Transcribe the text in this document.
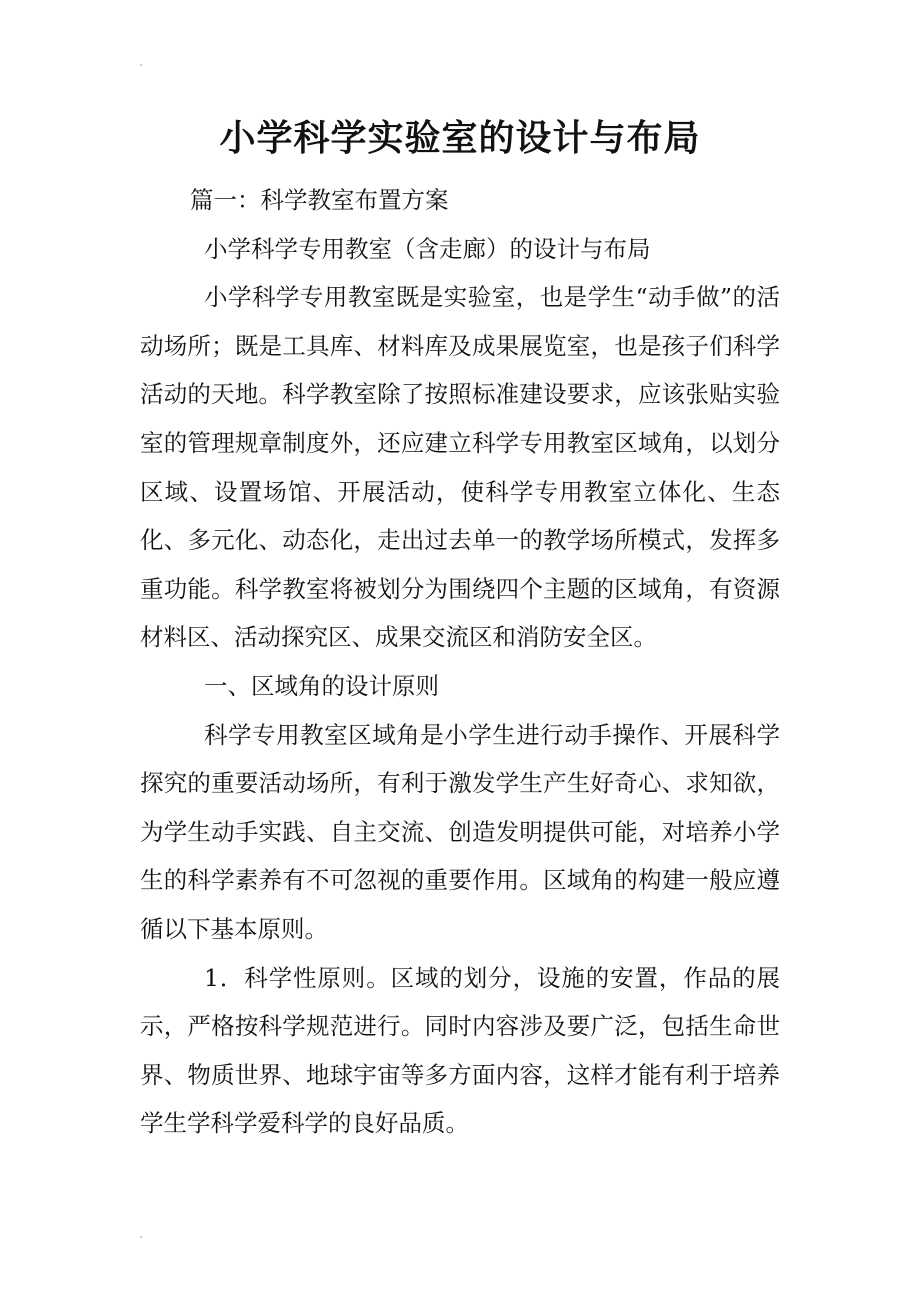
小学科学实验室的设计与布局

篇一：科学教室布置方案

小学科学专用教室（含走廊）的设计与布局

小学科学专用教室既是实验室，也是学生“动手做”的活动场所；既是工具库、材料库及成果展览室，也是孩子们科学活动的天地。科学教室除了按照标准建设要求，应该张贴实验室的管理规章制度外，还应建立科学专用教室区域角，以划分区域、设置场馆、开展活动，使科学专用教室立体化、生态化、多元化、动态化，走出过去单一的教学场所模式，发挥多重功能。科学教室将被划分为围绕四个主题的区域角，有资源材料区、活动探究区、成果交流区和消防安全区。

一、区域角的设计原则

科学专用教室区域角是小学生进行动手操作、开展科学探究的重要活动场所，有利于激发学生产生好奇心、求知欲，为学生动手实践、自主交流、创造发明提供可能，对培养小学生的科学素养有不可忽视的重要作用。区域角的构建一般应遵循以下基本原则。

1．科学性原则。区域的划分，设施的安置，作品的展示，严格按科学规范进行。同时内容涉及要广泛，包括生命世界、物质世界、地球宇宙等多方面内容，这样才能有利于培养学生学科学爱科学的良好品质。
